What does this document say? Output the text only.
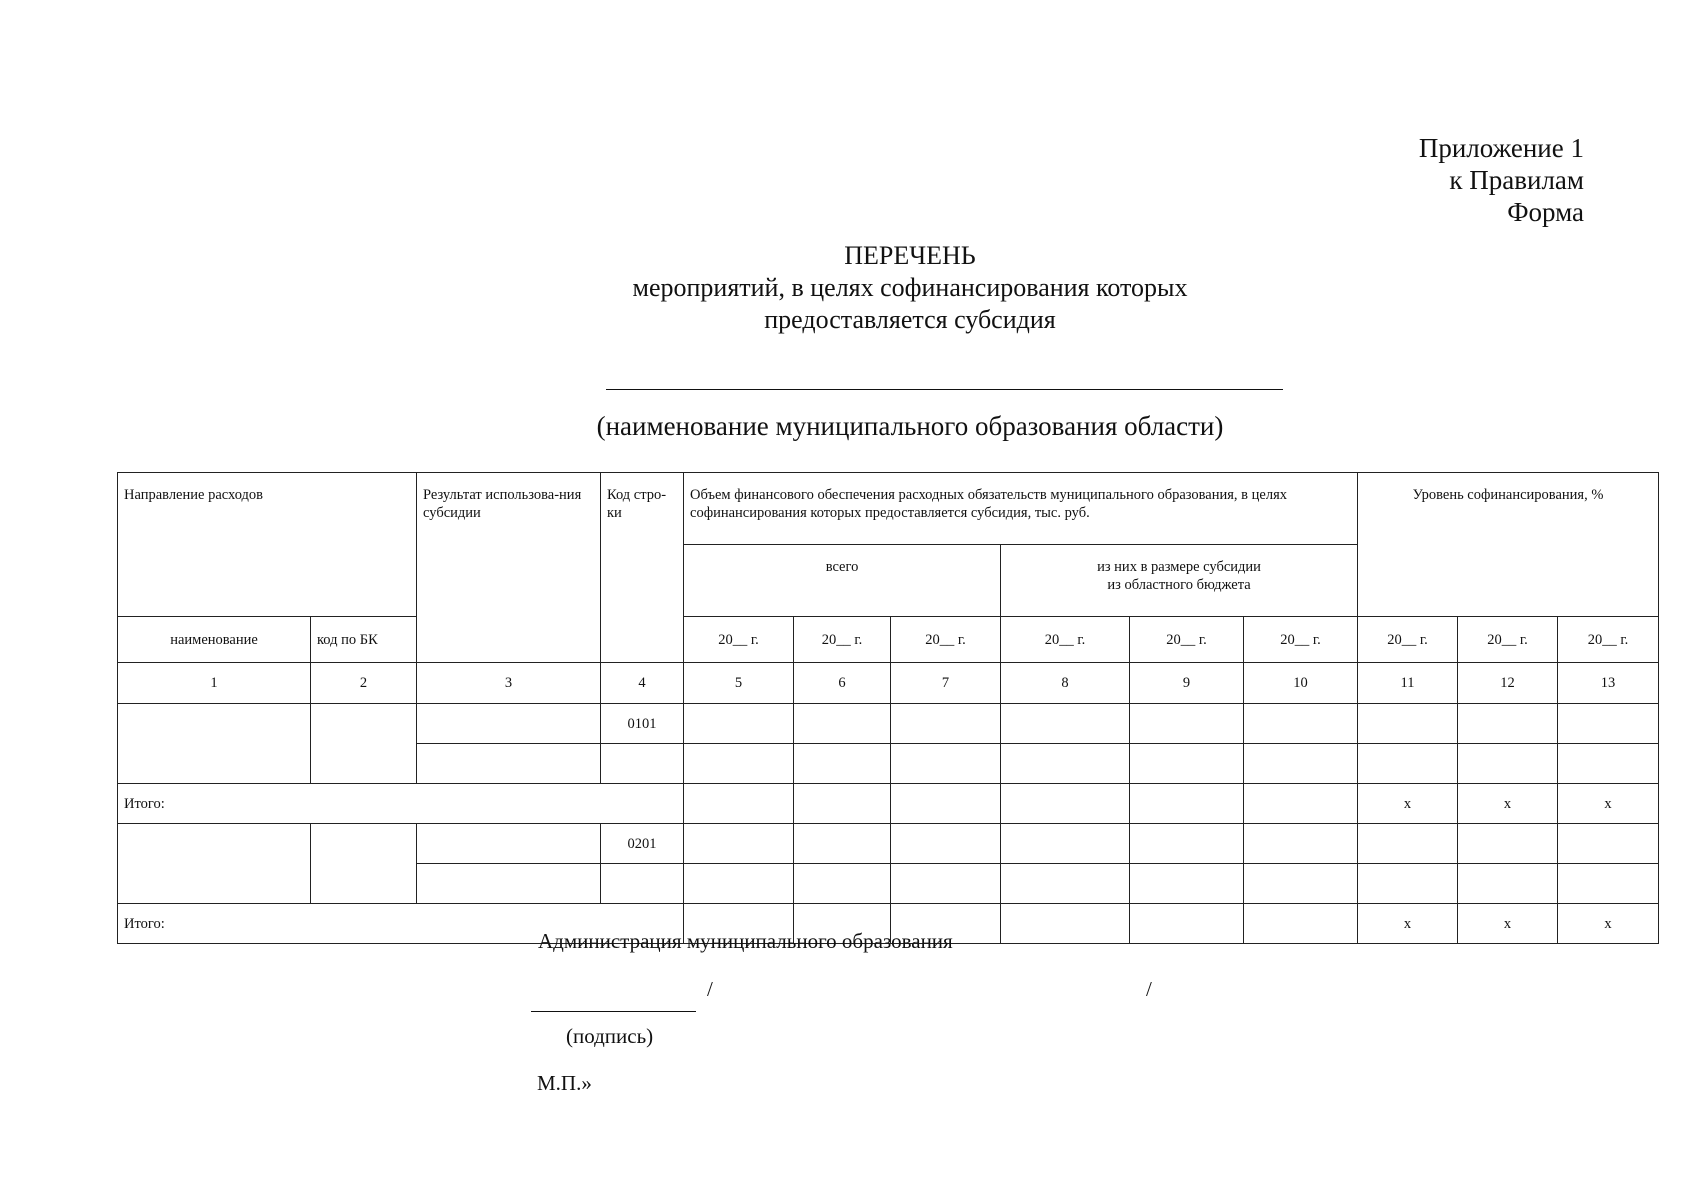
Приложение 1
к Правилам
Форма
ПЕРЕЧЕНЬ
мероприятий, в целях софинансирования которых
предоставляется субсидия
(наименование муниципального образования области)
Направление расходов		Результат использова-ния субсидии	Код стро-ки	Объем финансового обеспечения расходных обязательств муниципального образования, в целях софинансирования которых предоставляется субсидия, тыс. руб.						Уровень софинансирования, %		
				всего			из них в размере субсидии
из областного бюджета					

наименование	код по БК			20__ г.	20__ г.	20__ г.	20__ г.	20__ г.	20__ г.	20__ г.	20__ г.	20__ г.
1	2	3	4	5	6	7	8	9	10	11	12	13
			0101									

Итого:										x	x	x
			0201									

Итого:										x	x	x
Администрация муниципального образования
/	/
(подпись)
М.П.»
